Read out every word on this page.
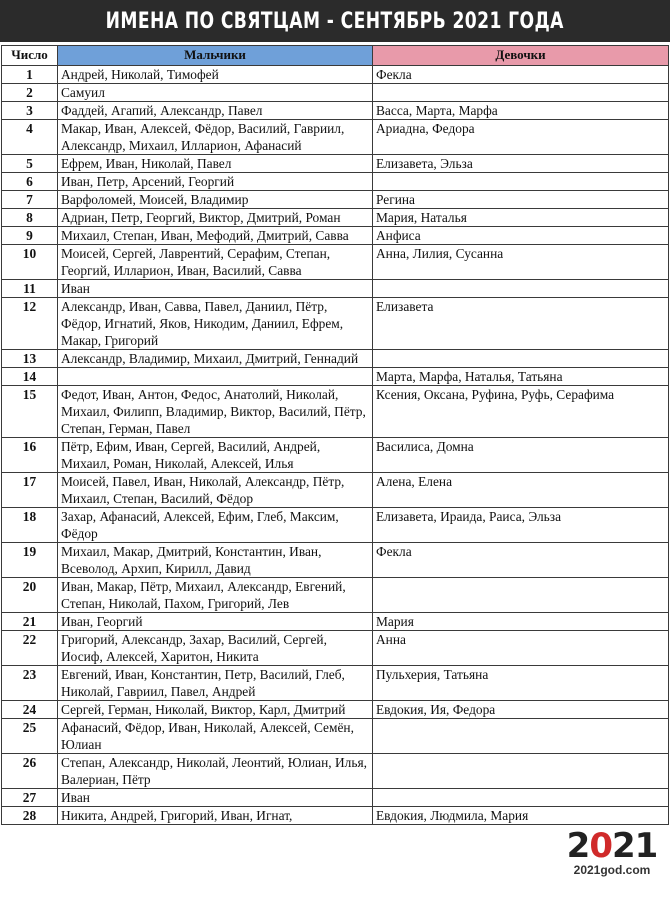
ИМЕНА ПО СВЯТЦАМ - СЕНТЯБРЬ 2021 ГОДА
Число	Мальчики	Девочки
1	Андрей, Николай, Тимофей	Фекла
2	Самуил	
3	Фаддей, Агапий, Александр, Павел	Васса, Марта, Марфа
4	Макар, Иван, Алексей, Фёдор, Василий, Гавриил, Александр, Михаил, Илларион, Афанасий	Ариадна, Федора
5	Ефрем, Иван, Николай, Павел	Елизавета, Эльза
6	Иван, Петр, Арсений, Георгий	
7	Варфоломей, Моисей, Владимир	Регина
8	Адриан, Петр, Георгий, Виктор, Дмитрий, Роман	Мария, Наталья
9	Михаил, Степан, Иван, Мефодий, Дмитрий, Савва	Анфиса
10	Моисей, Сергей, Лаврентий, Серафим, Степан, Георгий, Илларион, Иван, Василий, Савва	Анна, Лилия, Сусанна
11	Иван	
12	Александр, Иван, Савва, Павел, Даниил, Пётр, Фёдор, Игнатий, Яков, Никодим, Даниил, Ефрем, Макар, Григорий	Елизавета
13	Александр, Владимир, Михаил, Дмитрий, Геннадий	
14		Марта, Марфа, Наталья, Татьяна
15	Федот, Иван, Антон, Федос, Анатолий, Николай, Михаил, Филипп, Владимир, Виктор, Василий, Пётр, Степан, Герман, Павел	Ксения, Оксана, Руфина, Руфь, Серафима
16	Пётр, Ефим, Иван, Сергей, Василий, Андрей, Михаил, Роман, Николай, Алексей, Илья	Василиса, Домна
17	Моисей, Павел, Иван, Николай, Александр, Пётр, Михаил, Степан, Василий, Фёдор	Алена, Елена
18	Захар, Афанасий, Алексей, Ефим, Глеб, Максим, Фёдор	Елизавета, Ираида, Раиса, Эльза
19	Михаил, Макар, Дмитрий, Константин, Иван, Всеволод, Архип, Кирилл, Давид	Фекла
20	Иван, Макар, Пётр, Михаил, Александр, Евгений, Степан, Николай, Пахом, Григорий, Лев	
21	Иван, Георгий	Мария
22	Григорий, Александр, Захар, Василий, Сергей, Иосиф, Алексей, Харитон, Никита	Анна
23	Евгений, Иван, Константин, Петр, Василий, Глеб, Николай, Гавриил, Павел, Андрей	Пульхерия, Татьяна
24	Сергей, Герман, Николай, Виктор, Карл, Дмитрий	Евдокия, Ия, Федора
25	Афанасий, Фёдор, Иван, Николай, Алексей, Семён, Юлиан	
26	Степан, Александр, Николай, Леонтий, Юлиан, Илья, Валериан, Пётр	
27	Иван	
28	Никита, Андрей, Григорий, Иван, Игнат,	Евдокия, Людмила, Мария
2021
2021god.com
